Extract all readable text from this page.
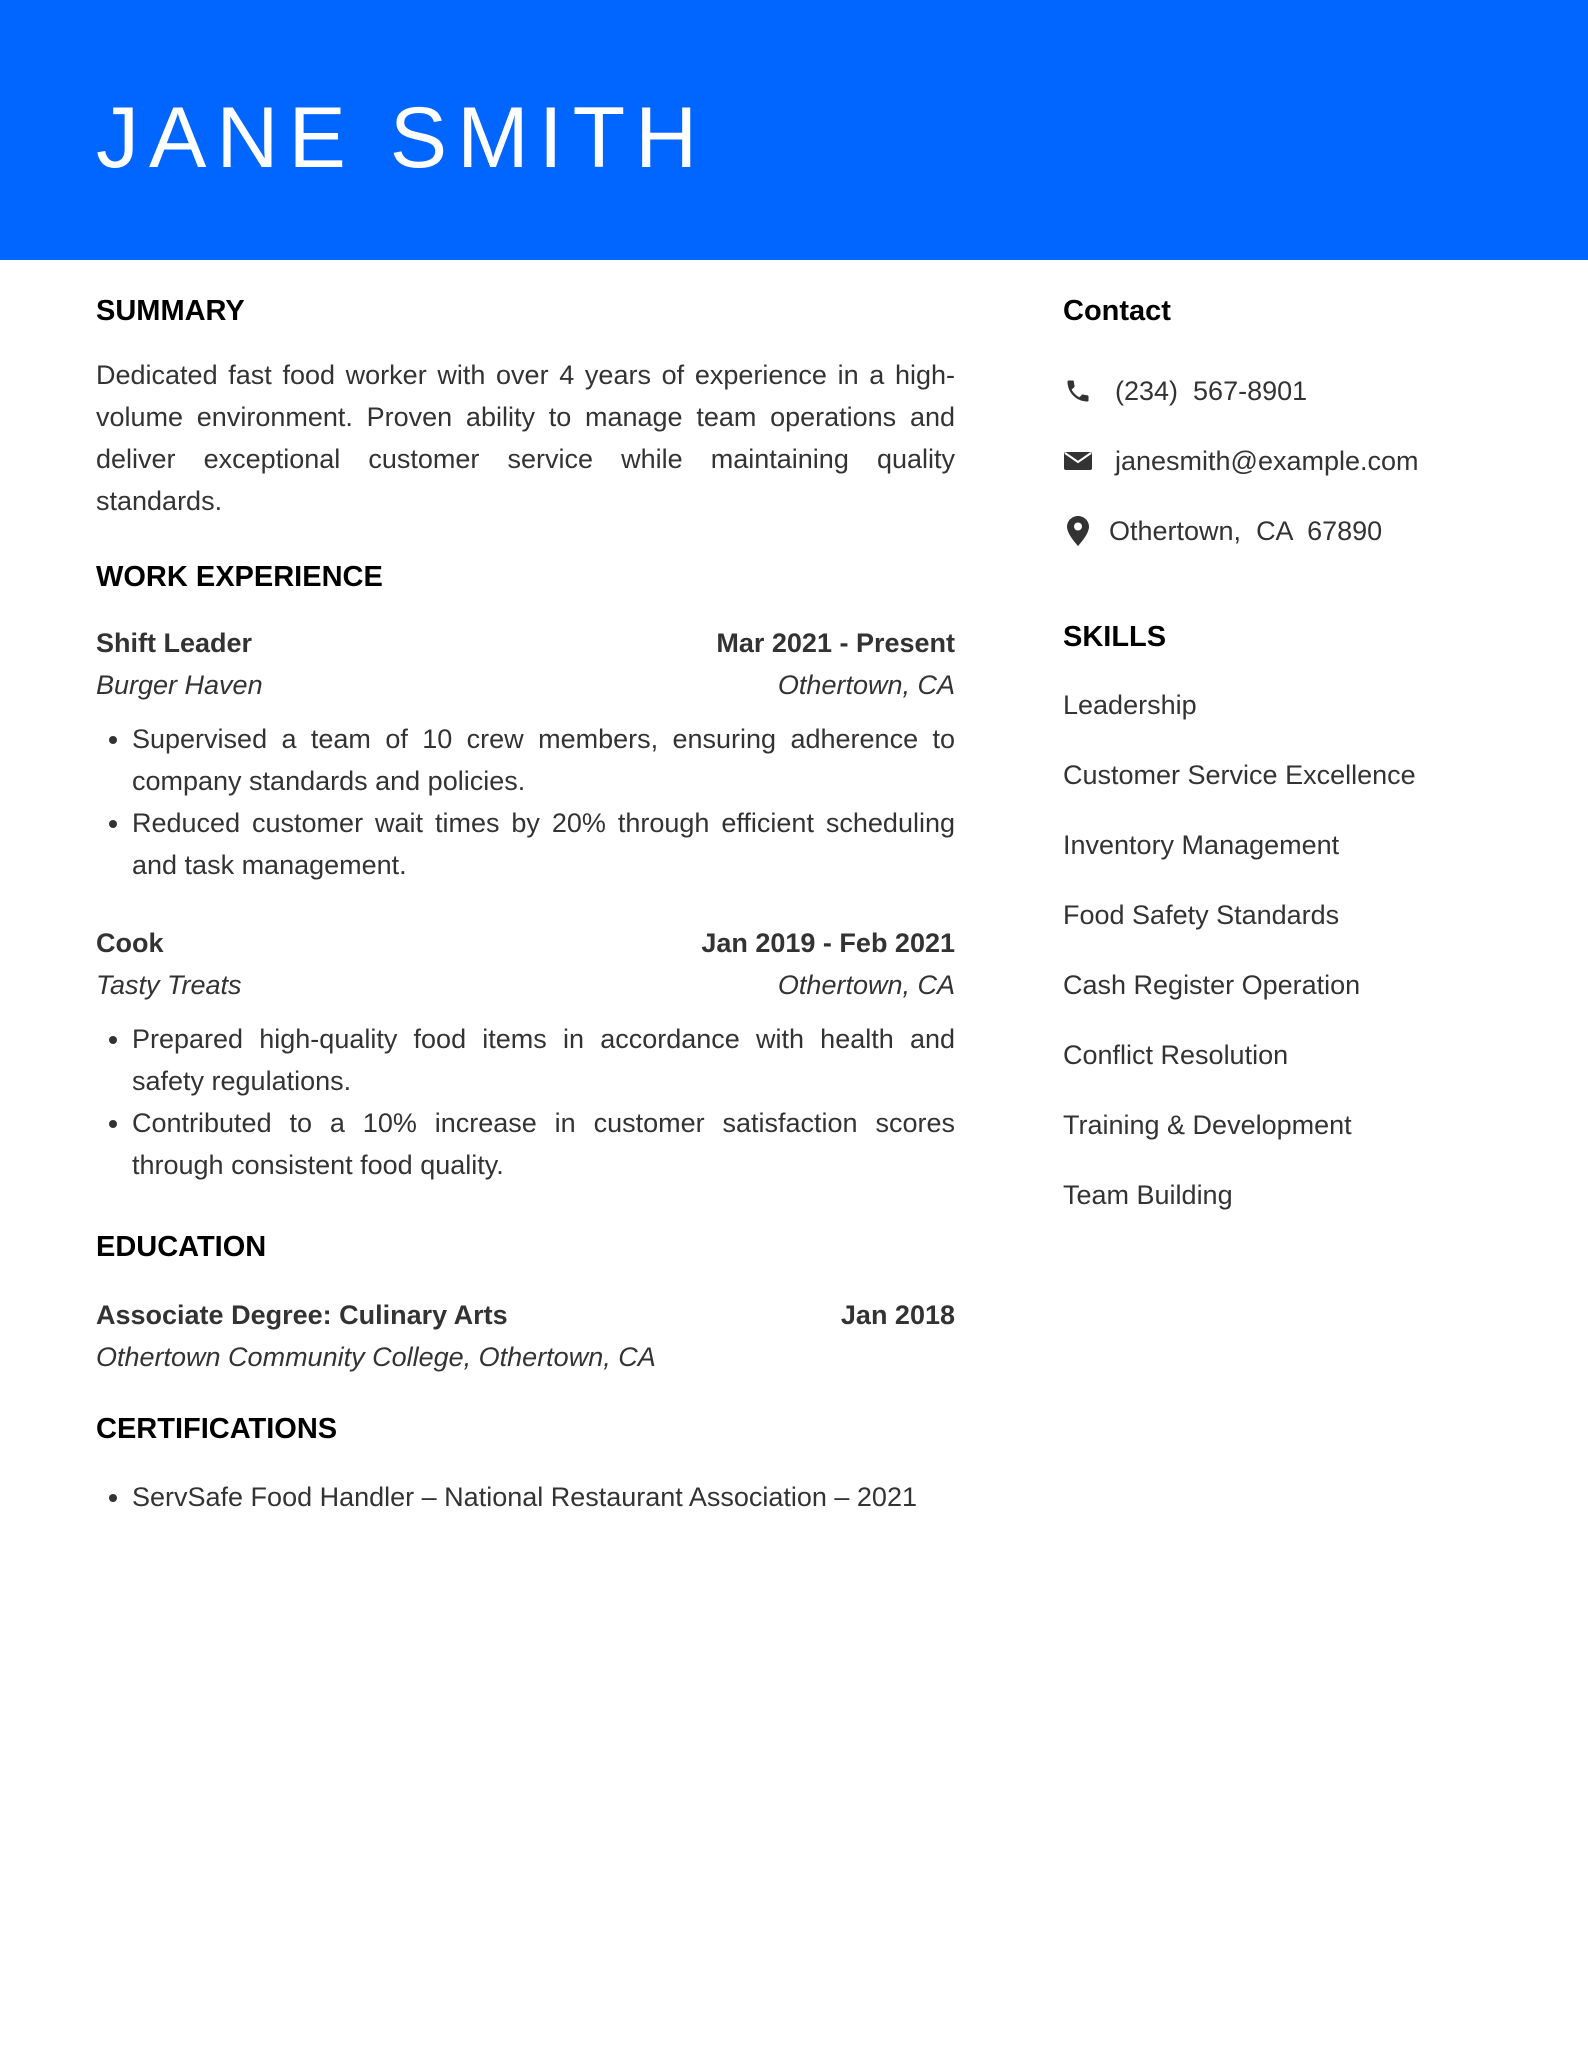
JANE SMITH
SUMMARY
Dedicated fast food worker with over 4 years of experience in a high-volume environment. Proven ability to manage team operations and deliver exceptional customer service while maintaining quality standards.
WORK EXPERIENCE
Shift Leader	Mar 2021 - Present
Burger Haven	Othertown, CA
• Supervised a team of 10 crew members, ensuring adherence to company standards and policies.
• Reduced customer wait times by 20% through efficient scheduling and task management.
Cook	Jan 2019 - Feb 2021
Tasty Treats	Othertown, CA
• Prepared high-quality food items in accordance with health and safety regulations.
• Contributed to a 10% increase in customer satisfaction scores through consistent food quality.
EDUCATION
Associate Degree: Culinary Arts	Jan 2018
Othertown Community College, Othertown, CA
CERTIFICATIONS
• ServSafe Food Handler – National Restaurant Association – 2021
Contact
(234)  567-8901
janesmith@example.com
Othertown,  CA  67890
SKILLS
Leadership
Customer Service Excellence
Inventory Management
Food Safety Standards
Cash Register Operation
Conflict Resolution
Training & Development
Team Building
